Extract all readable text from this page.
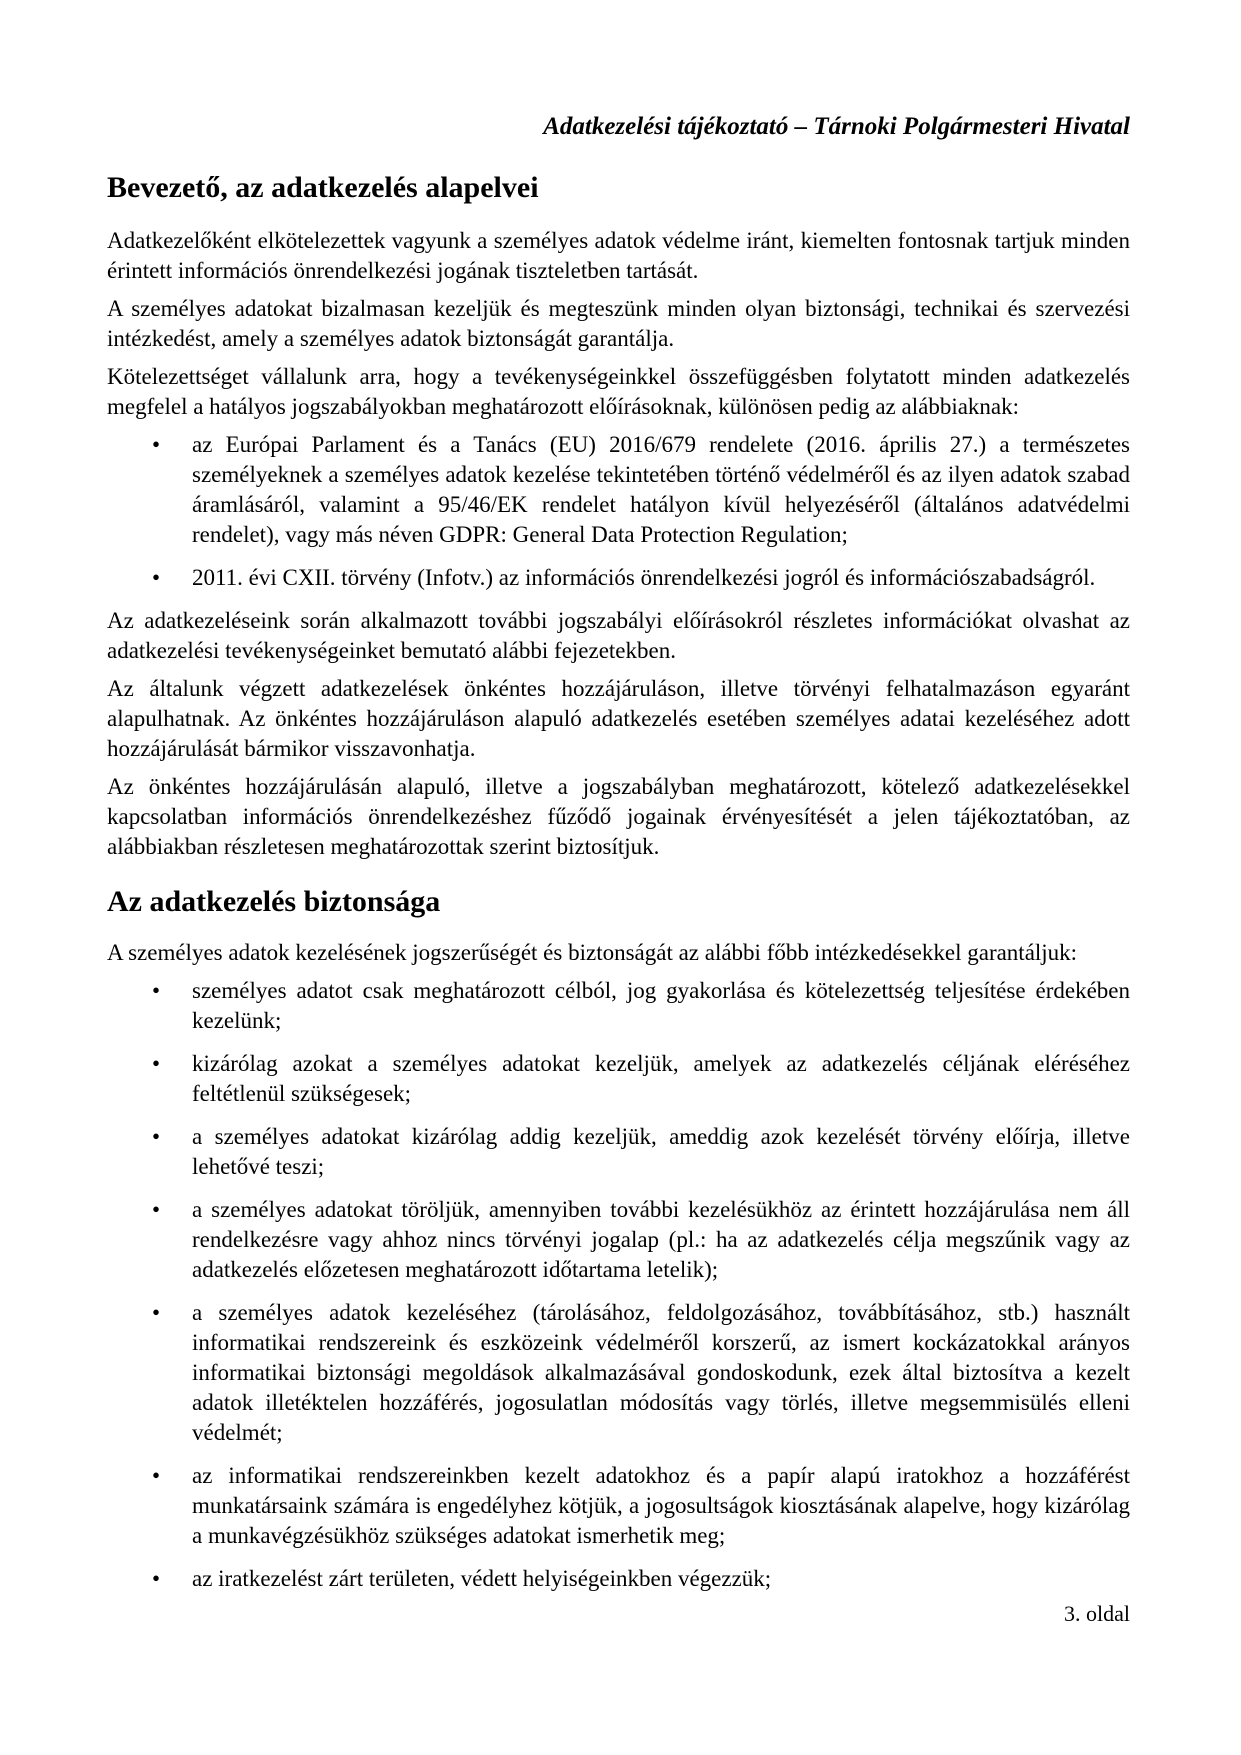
Adatkezelési tájékoztató – Tárnoki Polgármesteri Hivatal
Bevezető, az adatkezelés alapelvei

Adatkezelőként elkötelezettek vagyunk a személyes adatok védelme iránt, kiemelten fontosnak tartjuk minden érintett információs önrendelkezési jogának tiszteletben tartását.

A személyes adatokat bizalmasan kezeljük és megteszünk minden olyan biztonsági, technikai és szervezési intézkedést, amely a személyes adatok biztonságát garantálja.

Kötelezettséget vállalunk arra, hogy a tevékenységeinkkel összefüggésben folytatott minden adatkezelés megfelel a hatályos jogszabályokban meghatározott előírásoknak, különösen pedig az alábbiaknak:

• az Európai Parlament és a Tanács (EU) 2016/679 rendelete (2016. április 27.) a természetes személyeknek a személyes adatok kezelése tekintetében történő védelméről és az ilyen adatok szabad áramlásáról, valamint a 95/46/EK rendelet hatályon kívül helyezéséről (általános adatvédelmi rendelet), vagy más néven GDPR: General Data Protection Regulation;
• 2011. évi CXII. törvény (Infotv.) az információs önrendelkezési jogról és információszabadságról.

Az adatkezeléseink során alkalmazott további jogszabályi előírásokról részletes információkat olvashat az adatkezelési tevékenységeinket bemutató alábbi fejezetekben.

Az általunk végzett adatkezelések önkéntes hozzájáruláson, illetve törvényi felhatalmazáson egyaránt alapulhatnak. Az önkéntes hozzájáruláson alapuló adatkezelés esetében személyes adatai kezeléséhez adott hozzájárulását bármikor visszavonhatja.

Az önkéntes hozzájárulásán alapuló, illetve a jogszabályban meghatározott, kötelező adatkezelésekkel kapcsolatban információs önrendelkezéshez fűződő jogainak érvényesítését a jelen tájékoztatóban, az alábbiakban részletesen meghatározottak szerint biztosítjuk.

Az adatkezelés biztonsága

A személyes adatok kezelésének jogszerűségét és biztonságát az alábbi főbb intézkedésekkel garantáljuk:

• személyes adatot csak meghatározott célból, jog gyakorlása és kötelezettség teljesítése érdekében kezelünk;
• kizárólag azokat a személyes adatokat kezeljük, amelyek az adatkezelés céljának eléréséhez feltétlenül szükségesek;
• a személyes adatokat kizárólag addig kezeljük, ameddig azok kezelését törvény előírja, illetve lehetővé teszi;
• a személyes adatokat töröljük, amennyiben további kezelésükhöz az érintett hozzájárulása nem áll rendelkezésre vagy ahhoz nincs törvényi jogalap (pl.: ha az adatkezelés célja megszűnik vagy az adatkezelés előzetesen meghatározott időtartama letelik);
• a személyes adatok kezeléséhez (tárolásához, feldolgozásához, továbbításához, stb.) használt informatikai rendszereink és eszközeink védelméről korszerű, az ismert kockázatokkal arányos informatikai biztonsági megoldások alkalmazásával gondoskodunk, ezek által biztosítva a kezelt adatok illetéktelen hozzáférés, jogosulatlan módosítás vagy törlés, illetve megsemmisülés elleni védelmét;
• az informatikai rendszereinkben kezelt adatokhoz és a papír alapú iratokhoz a hozzáférést munkatársaink számára is engedélyhez kötjük, a jogosultságok kiosztásának alapelve, hogy kizárólag a munkavégzésükhöz szükséges adatokat ismerhetik meg;
• az iratkezelést zárt területen, védett helyiségeinkben végezzük;
3. oldal
